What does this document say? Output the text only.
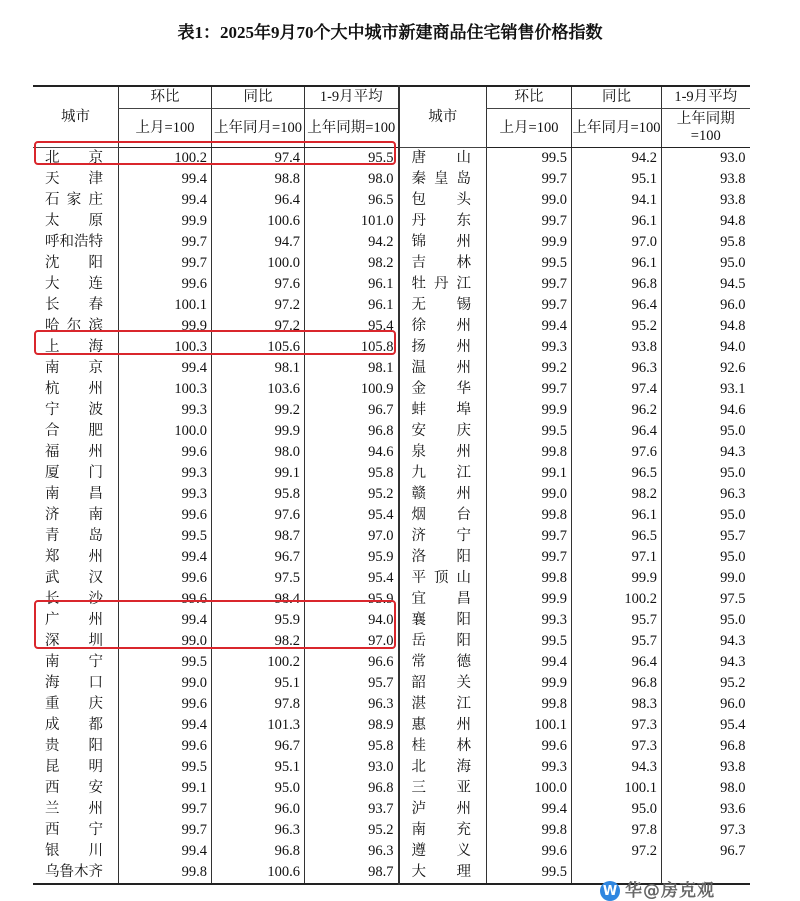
表1：2025年9月70个大中城市新建商品住宅销售价格指数
城市	环比	同比	1-9月平均	城市	环比	同比	1-9月平均
	上月=100	上年同月=100	上年同期=100		上月=100	上年同月=100	上年同期=100
北京	100.2	97.4	95.5	唐山	99.5	94.2	93.0
天津	99.4	98.8	98.0	秦皇岛	99.7	95.1	93.8
石家庄	99.4	96.4	96.5	包头	99.0	94.1	93.8
太原	99.9	100.6	101.0	丹东	99.7	96.1	94.8
呼和浩特	99.7	94.7	94.2	锦州	99.9	97.0	95.8
沈阳	99.7	100.0	98.2	吉林	99.5	96.1	95.0
大连	99.6	97.6	96.1	牡丹江	99.7	96.8	94.5
长春	100.1	97.2	96.1	无锡	99.7	96.4	96.0
哈尔滨	99.9	97.2	95.4	徐州	99.4	95.2	94.8
上海	100.3	105.6	105.8	扬州	99.3	93.8	94.0
南京	99.4	98.1	98.1	温州	99.2	96.3	92.6
杭州	100.3	103.6	100.9	金华	99.7	97.4	93.1
宁波	99.3	99.2	96.7	蚌埠	99.9	96.2	94.6
合肥	100.0	99.9	96.8	安庆	99.5	96.4	95.0
福州	99.6	98.0	94.6	泉州	99.8	97.6	94.3
厦门	99.3	99.1	95.8	九江	99.1	96.5	95.0
南昌	99.3	95.8	95.2	赣州	99.0	98.2	96.3
济南	99.6	97.6	95.4	烟台	99.8	96.1	95.0
青岛	99.5	98.7	97.0	济宁	99.7	96.5	95.7
郑州	99.4	96.7	95.9	洛阳	99.7	97.1	95.0
武汉	99.6	97.5	95.4	平顶山	99.8	99.9	99.0
长沙	99.6	98.4	95.9	宜昌	99.9	100.2	97.5
广州	99.4	95.9	94.0	襄阳	99.3	95.7	95.0
深圳	99.0	98.2	97.0	岳阳	99.5	95.7	94.3
南宁	99.5	100.2	96.6	常德	99.4	96.4	94.3
海口	99.0	95.1	95.7	韶关	99.9	96.8	95.2
重庆	99.6	97.8	96.3	湛江	99.8	98.3	96.0
成都	99.4	101.3	98.9	惠州	100.1	97.3	95.4
贵阳	99.6	96.7	95.8	桂林	99.6	97.3	96.8
昆明	99.5	95.1	93.0	北海	99.3	94.3	93.8
西安	99.1	95.0	96.8	三亚	100.0	100.1	98.0
兰州	99.7	96.0	93.7	泸州	99.4	95.0	93.6
西宁	99.7	96.3	95.2	南充	99.8	97.8	97.3
银川	99.4	96.8	96.3	遵义	99.6	97.2	96.7
乌鲁木齐	99.8	100.6	98.7	大理	99.5		
W 华@房克观
